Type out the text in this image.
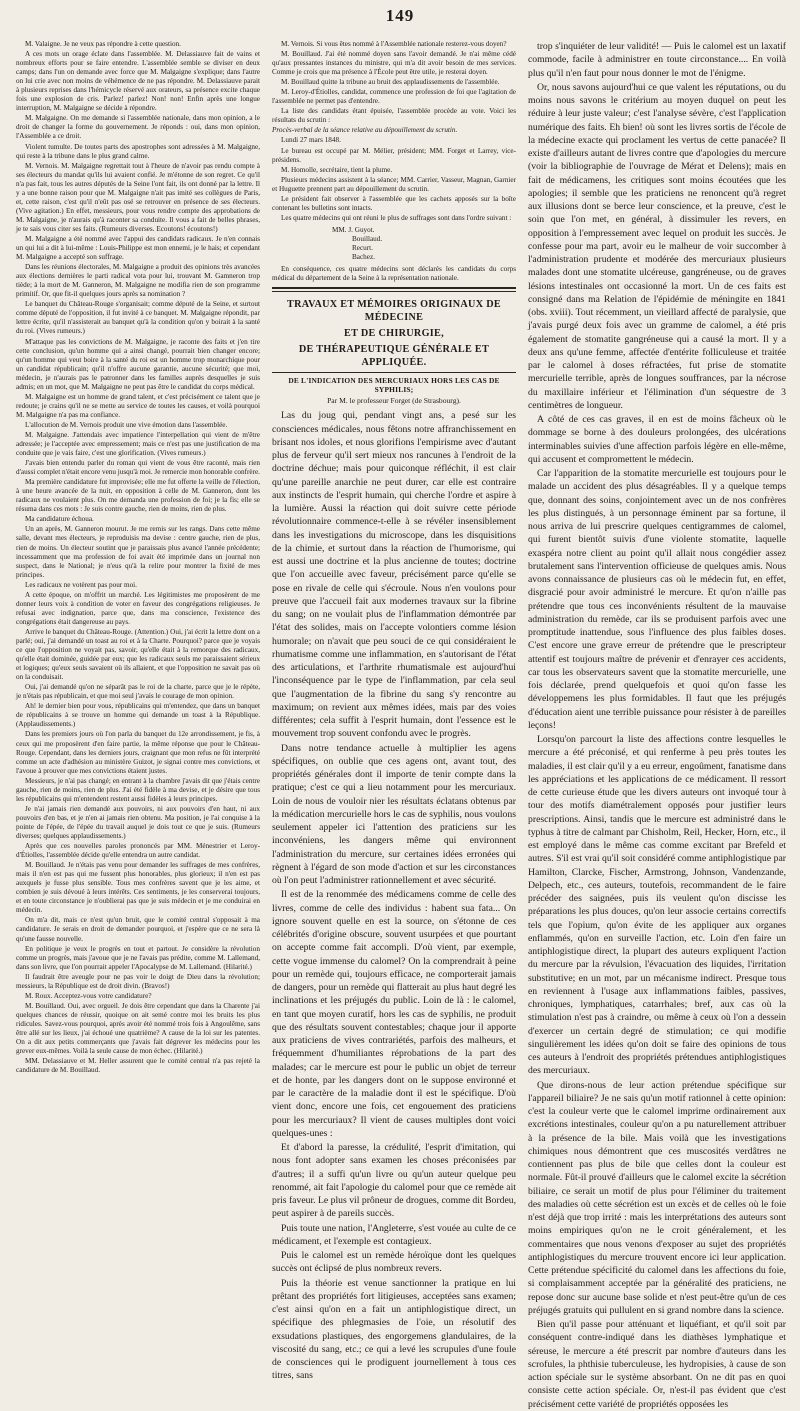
149

M. Valaigne. Je ne veux pas répondre à cette question.

A ces mots un orage éclate dans l'assemblée. M. Delassiauve fait de vains et nombreux efforts pour se faire entendre. L'assemblée semble se diviser en deux camps; dans l'un on demande avec force que M. Malgaigne s'explique; dans l'autre on lui crie avec non moins de véhémence de ne pas répondre. M. Delassiauve parait à plusieurs reprises dans l'hémicycle réservé aux orateurs, sa présence excite chaque fois une explosion de cris. Parlez! parlez! Non! non! Enfin après une longue interruption, M. Malgaigne se décide à répondre.

M. Malgaigne. On me demande si l'assemblée nationale, dans mon opinion, a le droit de changer la forme du gouvernement. Je réponds : oui, dans mon opinion, l'Assemblée a ce droit.

Violent tumulte. De toutes parts des apostrophes sont adressées à M. Malgaigne, qui reste à la tribune dans le plus grand calme.

M. Vernois. M. Malgaigne regrettait tout à l'heure de n'avoir pas rendu compte à ses électeurs du mandat qu'ils lui avaient confié. Je m'étonne de son regret. Ce qu'il n'a pas fait, tous les autres députés de la Seine l'ont fait, ils ont donné par la lettre. Il y a une bonne raison pour que M. Malgaigne n'ait pas imité ses collègues de Paris, et, cette raison, c'est qu'il n'eût pas osé se retrouver en présence de ses électeurs. (Vive agitation.) En effet, messieurs, pour vous rendre compte des approbations de M. Malgaigne, je n'aurais qu'à raconter sa conduite. Il vous a fait de belles phrases, je te sais vous citer ses faits. (Rumeurs diverses. Ecoutons! écoutons!)

M. Malgaigne a été nommé avec l'appui des candidats radicaux. Je n'en connais un qui lui a dit à lui-même : Louis-Philippe est mon ennemi, je le hais; et cependant M. Malgaigne a accepté son suffrage.

Dans les réunions électorales, M. Malgaigne a produit des opinions très avancées aux élections dernières le parti radical vota pour lui, trouvant M. Gamneron trop tiède; à la mort de M. Ganneron, M. Malgaigne ne modifia rien de son programme primitif. Or, que fit-il quelques jours après sa nomination ?

Le banquet du Château-Rouge s'organisait; comme député de la Seine, et surtout comme député de l'opposition, il fut invité à ce banquet. M. Malgaigne répondit, par lettre écrite, qu'il n'assisterait au banquet qu'à la condition qu'on y boirait à la santé du roi. (Vives rumeurs.)

M'attaque pas les convictions de M. Malgaigne, je raconte des faits et j'en tire cette conclusion, qu'un homme qui a ainsi changé, pourrait bien changer encore; qu'un homme qui veut boire à la santé du roi est un homme trop monarchique pour un candidat républicain; qu'il n'offre aucune garantie, aucune sécurité; que moi, médecin, je n'aurais pas le patronner dans les familles auprès desquelles je suis admis; en un mot, que M. Malgaigne ne peut pas être le candidat du corps médical.

M. Malgaigne est un homme de grand talent, et c'est précisément ce talent que je redoute; je crains qu'il ne se mette au service de toutes les causes, et voilà pourquoi M. Malgaigne n'a pas ma confiance.

L'allocution de M. Vernois produit une vive émotion dans l'assemblée.

M. Malgaigne. J'attendais avec impatience l'interpellation qui vient de m'être adressée; je l'acceptée avec empressement; mais ce n'est pas une justification de ma conduite que je vais faire, c'est une glorification. (Vives rumeurs.)

J'avais bien entendu parler du roman qui vient de vous être raconté, mais rien d'aussi complet n'était encore venu jusqu'à moi. Je remercie mon honorable confrère.

Ma première candidature fut improvisée; elle me fut offerte la veille de l'élection, à une heure avancée de la nuit, en opposition à celle de M. Ganneron, dont les radicaux ne voulaient plus. On me demanda une profession de foi; je la fis; elle se résuma dans ces mots : Je suis contre gauche, rien de moins, rien de plus.

Ma candidature échoua.

Un an après, M. Ganneron mourut. Je me remis sur les rangs. Dans cette même salle, devant mes électeurs, je reproduisis ma devise : centre gauche, rien de plus, rien de moins. Un électeur soutint que je paraissais plus avancé l'année précédente; incessamment que ma profession de foi avait été imprimée dans un journal non suspect, dans le National; je n'eus qu'à la relire pour montrer la fixité de mes principes.

Les radicaux ne votèrent pas pour moi.

A cette époque, on m'offrit un marché. Les légitimistes me proposèrent de me donner leurs voix à condition de voter en faveur des congrégations religieuses. Je refusai avec indignation, parce que, dans ma conscience, l'existence des congrégations était dangereuse au pays.

Arrive le banquet du Château-Rouge. (Attention.) Oui, j'ai écrit la lettre dont on a parlé; oui, j'ai demandé un toast au roi et à la Charte. Pourquoi? parce que je voyais ce que l'opposition ne voyait pas, savoir, qu'elle était à la remorque des radicaux, qu'elle était dominée, guidée par eux; que les radicaux seuls me paraissaient sérieux et logiques; qu'eux seuls savaient où ils allaient, et que l'opposition ne savait pas où on la conduisait.

Oui, j'ai demandé qu'on ne séparât pas le roi de la charte, parce que je le répète, je n'étais pas républicain, et que moi seul j'avais le courage de mon opinion.

Ah! le dernier bien pour vous, républicains qui m'entendez, que dans un banquet de républicains à se trouve un homme qui demande un toast à la République. (Applaudissements.)

Dans les premiers jours où l'on parla du banquet du 12e arrondissement, je fis, à ceux qui me proposèrent d'en faire partie, la même réponse que pour le Château-Rouge. Cependant, dans les derniers jours, craignant que mon refus ne fût interprété comme un acte d'adhésion au ministère Guizot, je signai contre mes convictions, et l'avoue à prouver que mes convictions étaient justes.

Messieurs, je n'ai pas changé; en entrant à la chambre j'avais dit que j'étais centre gauche, rien de moins, rien de plus. J'ai été fidèle à ma devise, et je désire que tous les républicains qui m'entendent restent aussi fidèles à leurs principes.

Je n'ai jamais rien demandé aux pouvoirs, ni aux pouvoirs d'en haut, ni aux pouvoirs d'en bas, et je n'en ai jamais rien obtenu. Ma position, je l'ai conquise à la pointe de l'épée, de l'épée du travail auquel je dois tout ce que je suis. (Rumeurs diverses; quelques applaudissements.)

Après que ces nouvelles paroles prononcés par MM. Ménestrier et Leroy-d'Étiolles, l'assemblée décide qu'elle entendra un autre candidat.

M. Bouillaud. Je n'étais pas venu pour demander les suffrages de mes confrères, mais il n'en est pas qui me fussent plus honorables, plus glorieux; il n'en est pas auxquels je fusse plus sensible. Tous mes confrères savent que je les aime, et combien je suis dévoué à leurs intérêts. Ces sentiments, je les conserverai toujours, et en toute circonstance je n'oublierai pas que je suis médecin et je me conduirai en médecin.

On m'a dit, mais ce n'est qu'un bruit, que le comité central s'opposait à ma candidature. Je serais en droit de demander pourquoi, et j'espère que ce ne sera là qu'une fausse nouvelle.

En politique je veux le progrès en tout et partout. Je considère la révolution comme un progrès, mais j'avoue que je ne l'avais pas prédite, comme M. Lallemand, dans son livre, que l'on pourrait appeler l'Apocalypse de M. Lallemand. (Hilarité.)

Il faudrait être aveugle pour ne pas voir le doigt de Dieu dans la révolution; messieurs, la République est de droit divin. (Bravos!)

M. Roux. Acceptez-vous votre candidature?

M. Bouillaud. Oui, avec orgueil. Je dois être cependant que dans la Charente j'ai quelques chances de réussir, quoique on ait semé contre moi les bruits les plus ridicules. Savez-vous pourquoi, après avoir été nommé trois fois à Angoulême, sans être allé sur les lieux, j'ai échoué une quatrième? A cause de la loi sur les patentes. On a dit aux petits commerçants que j'avais fait dégrever les médecins pour les grever eux-mêmes. Voilà la seule cause de mon échec. (Hilarité.)

MM. Delassiauve et M. Heller assurent que le comité central n'a pas rejeté la candidature de M. Bouillaud.

M. Vernois. Si vous êtes nommé à l'Assemblée nationale resterez-vous doyen?

M. Bouillaud. J'ai été nommé doyen sans l'avoir demandé. Je n'ai même cédé qu'aux pressantes instances du ministre, qui m'a dit avoir besoin de mes services. Comme je crois que ma présence à l'École peut être utile, je resterai doyen.

M. Bouillaud quitte la tribune au bruit des applaudissements de l'assemblée.

M. Leroy-d'Étiolles, candidat, commence une profession de foi que l'agitation de l'assemblée ne permet pas d'entendre.

La liste des candidats étant épuisée, l'assemblée procède au vote. Voici les résultats du scrutin :

Procès-verbal de la séance relative au dépouillement du scrutin.

Lundi 27 mars 1848.

Le bureau est occupé par M. Mélier, président; MM. Forget et Larrey, vice-présidens.

M. Homolle, secrétaire, tient la plume.

Plusieurs médecins assistent à la séance; MM. Carrier, Vasseur, Magnan, Garnier et Huguette prennent part au dépouillement du scrutin.

Le président fait observer à l'assemblée que les cachets apposés sur la boîte contenant les bulletins sont intacts.

Les quatre médecins qui ont réuni le plus de suffrages sont dans l'ordre suivant :

MM. J. Guyot.
Bouillaud.
Recurt.
Bachez.

En conséquence, ces quatre médecins sont déclarés les candidats du corps médical du département de la Seine à la représentation nationale.

TRAVAUX ET MÉMOIRES ORIGINAUX DE MÉDECINE
ET DE CHIRURGIE,
DE THÉRAPEUTIQUE GÉNÉRALE ET APPLIQUÉE.
DE L'INDICATION DES MERCURIAUX HORS LES CAS DE SYPHILIS;
Par M. le professeur Forget (de Strasbourg).

Las du joug qui, pendant vingt ans, a pesé sur les consciences médicales, nous fêtons notre affranchissement en brisant nos idoles, et nous glorifions l'empirisme avec d'autant plus de ferveur qu'il sert mieux nos rancunes à l'endroit de la doctrine déchue; mais pour quiconque réfléchit, il est clair qu'une pareille anarchie ne peut durer, car elle est contraire aux instincts de l'esprit humain, qui cherche l'ordre et aspire à la lumière. Aussi la réaction qui doit suivre cette période révolutionnaire commence-t-elle à se révéler insensiblement dans les investigations du microscope, dans les disquisitions de la chimie, et surtout dans la réaction de l'humorisme, qui est aussi une doctrine et la plus ancienne de toutes; doctrine que l'on accueille avec faveur, précisément parce qu'elle se pose en rivale de celle qui s'écroule. Nous n'en voulons pour preuve que l'accueil fait aux modernes travaux sur la fibrine du sang; on ne voulait plus de l'inflammation démontrée par l'état des solides, mais on l'accepte volontiers comme lésion humorale; on n'avait que peu souci de ce qui considéraient le rhumatisme comme une inflammation, en s'autorisant de l'état des articulations, et l'arthrite rhumatismale est aujourd'hui l'inconséquence par le type de l'inflammation, par cela seul que l'augmentation de la fibrine du sang s'y rencontre au maximum; on revient aux mêmes idées, mais par des voies différentes; cela suffit à l'esprit humain, dont l'essence est le mouvement trop souvent confondu avec le progrès.

Dans notre tendance actuelle à multiplier les agens spécifiques, on oublie que ces agens ont, avant tout, des propriétés générales dont il importe de tenir compte dans la pratique; c'est ce qui a lieu notamment pour les mercuriaux. Loin de nous de vouloir nier les résultats éclatans obtenus par la médication mercurielle hors le cas de syphilis, nous voulons seulement appeler ici l'attention des praticiens sur les inconvéniens, les dangers même qui environnent l'administration du mercure, sur certaines idées erronées qui règnent à l'égard de son mode d'action et sur les circonstances où l'on peut l'administrer rationnellement et avec sécurité.

Il est de la renommée des médicamens comme de celle des livres, comme de celle des individus : habent sua fata... On ignore souvent quelle en est la source, on s'étonne de ces célébrités d'origine obscure, souvent usurpées et que pourtant on accepte comme fait accompli. D'où vient, par exemple, cette vogue immense du calomel? On la comprendrait à peine pour un remède qui, toujours efficace, ne comporterait jamais de dangers, pour un remède qui flatterait au plus haut degré les inclinations et les préjugés du public. Loin de là : le calomel, en tant que moyen curatif, hors les cas de syphilis, ne produit que des résultats souvent contestables; chaque jour il apporte aux praticiens de vives contrariétés, parfois des malheurs, et fréquemment d'humiliantes réprobations de la part des malades; car le mercure est pour le public un objet de terreur et de honte, par les dangers dont on le suppose environné et par le caractère de la maladie dont il est le spécifique. D'où vient donc, encore une fois, cet engouement des praticiens pour les mercuriaux? Il vient de causes multiples dont voici quelques-unes :

Et d'abord la paresse, la crédulité, l'esprit d'imitation, qui nous font adopter sans examen les choses préconisées par d'autres; il a suffi qu'un livre ou qu'un auteur quelque peu renommé, ait fait l'apologie du calomel pour que ce remède ait pris faveur. Le plus vil prôneur de drogues, comme dit Bordeu, peut aspirer à de pareils succès.

Puis toute une nation, l'Angleterre, s'est vouée au culte de ce médicament, et l'exemple est contagieux.

Puis le calomel est un remède héroïque dont les quelques succès ont éclipsé de plus nombreux revers.

Puis la théorie est venue sanctionner la pratique en lui prêtant des propriétés fort litigieuses, acceptées sans examen; c'est ainsi qu'on en a fait un antiphlogistique direct, un spécifique des phlegmasies de l'oie, un résolutif des exsudations plastiques, des engorgemens glandulaires, de la viscosité du sang, etc.; ce qui a levé les scrupules d'une foule de consciences qui le prodiguent journellement à tous ces titres, sans

trop s'inquiéter de leur validité! — Puis le calomel est un laxatif commode, facile à administrer en toute circonstance.... En voilà plus qu'il n'en faut pour nous donner le mot de l'énigme.

Or, nous savons aujourd'hui ce que valent les réputations, ou du moins nous savons le critérium au moyen duquel on peut les réduire à leur juste valeur; c'est l'analyse sévère, c'est l'application numérique des faits. Eh bien! où sont les livres sortis de l'école de la médecine exacte qui proclament les vertus de cette panacée? Il existe d'ailleurs autant de livres contre que d'apologies du mercure (voir la bibliographie de l'ouvrage de Mérat et Delens); mais en fait de médicamens, les critiques sont moins écoutées que les apologies; il semble que les praticiens ne renoncent qu'à regret aux illusions dont se berce leur conscience, et la preuve, c'est le soin que l'on met, en général, à dissimuler les revers, en opposition à l'empressement avec lequel on produit les succès. Je confesse pour ma part, avoir eu le malheur de voir succomber à l'administration prudente et modérée des mercuriaux plusieurs malades dont une stomatite ulcéreuse, gangréneuse, ou de graves lésions intestinales ont occasionné la mort. Un de ces faits est consigné dans ma Relation de l'épidémie de méningite en 1841 (obs. xviii). Tout récemment, un vieillard affecté de paralysie, que j'avais purgé deux fois avec un gramme de calomel, a été pris également de stomatite gangréneuse qui a causé la mort. Il y a deux ans qu'une femme, affectée d'entérite folliculeuse et traitée par le calomel à doses réfractées, fut prise de stomatite mercurielle terrible, après de longues souffrances, par la nécrose du maxillaire inférieur et l'élimination d'un séquestre de 3 centimètres de longueur.

A côté de ces cas graves, il en est de moins fâcheux où le dommage se borne à des douleurs prolongées, des ulcérations interminables suivies d'une affection parfois légère en elle-même, qui accusent et compromettent le médecin.

Car l'apparition de la stomatite mercurielle est toujours pour le malade un accident des plus désagréables. Il y a quelque temps que, donnant des soins, conjointement avec un de nos confrères les plus distingués, à un personnage éminent par sa fortune, il nous arriva de lui prescrire quelques centigrammes de calomel, qui furent bientôt suivis d'une violente stomatite, laquelle exaspéra notre client au point qu'il allait nous congédier assez brutalement sans l'intervention officieuse de quelques amis. Nous avons connaissance de plusieurs cas où le médecin fut, en effet, disgracié pour avoir administré le mercure. Et qu'on n'aille pas prétendre que tous ces inconvénients résultent de la mauvaise administration du remède, car ils se produisent parfois avec une promptitude inattendue, sous l'influence des plus faibles doses. C'est encore une grave erreur de prétendre que le prescripteur attentif est toujours maître de prévenir et d'enrayer ces accidents, car tous les observateurs savent que la stomatite mercurielle, une fois déclarée, prend quelquefois et quoi qu'on fasse les développemens les plus formidables. Il faut que les préjugés d'éducation aient une terrible puissance pour résister à de pareilles leçons!

Lorsqu'on parcourt la liste des affections contre lesquelles le mercure a été préconisé, et qui renferme à peu près toutes les maladies, il est clair qu'il y a eu erreur, engoûment, fanatisme dans les appréciations et les applications de ce médicament. Il ressort de cette curieuse étude que les divers auteurs ont invoqué tour à tour des motifs diamétralement opposés pour justifier leurs prescriptions. Ainsi, tandis que le mercure est administré dans le typhus à titre de calmant par Chisholm, Reil, Hecker, Horn, etc., il est employé dans le même cas comme excitant par Brefeld et autres. S'il est vrai qu'il soit considéré comme antiphlogistique par Hamilton, Clarcke, Fischer, Armstrong, Johnson, Vandenzande, Delpech, etc., ces auteurs, toutefois, recommandent de le faire précéder des saignées, puis ils veulent qu'on discisse les préparations les plus douces, qu'on leur associe certains correctifs tels que l'opium, qu'on évite de les appliquer aux organes enflammés, qu'on en surveille l'action, etc. Loin d'en faire un antiphlogistique direct, la plupart des auteurs expliquent l'action du mercure par la révulsion, l'évacuation des liquides, l'irritation substitutive; en un mot, par un mécanisme indirect. Presque tous en reviennent à l'usage aux inflammations faibles, passives, chroniques, lymphatiques, catarrhales; bref, aux cas où la stimulation n'est pas à craindre, ou même à ceux où l'on a dessein d'exercer un certain degré de stimulation; ce qui modifie singulièrement les idées qu'on doit se faire des opinions de tous ces auteurs à l'endroit des propriétés prétendues antiphlogistiques des mercuriaux.

Que dirons-nous de leur action prétendue spécifique sur l'appareil biliaire? Je ne sais qu'un motif rationnel à cette opinion: c'est la couleur verte que le calomel imprime ordinairement aux excrétions intestinales, couleur qu'on a pu naturellement attribuer à la présence de la bile. Mais voilà que les investigations chimiques nous démontrent que ces muscosités verdâtres ne contiennent pas plus de bile que celles dont la couleur est normale. Fût-il prouvé d'ailleurs que le calomel excite la sécrétion biliaire, ce serait un motif de plus pour l'éliminer du traitement des maladies où cette sécrétion est un excès et de celles où le foie n'est déjà que trop irrité : mais les interprétations des auteurs sont moins empiriques qu'on ne le croit généralement, et les commentaires que nous venons d'exposer au sujet des propriétés antiphlogistiques du mercure trouvent encore ici leur application. Cette prétendue spécificité du calomel dans les affections du foie, si complaisamment acceptée par la généralité des praticiens, ne repose donc sur aucune base solide et n'est peut-être qu'un de ces préjugés gratuits qui pullulent en si grand nombre dans la science.

Bien qu'il passe pour atténuant et liquéfiant, et qu'il soit par conséquent contre-indiqué dans les diathèses lymphatique et séreuse, le mercure a été prescrit par nombre d'auteurs dans les scrofules, la phthisie tuberculeuse, les hydropisies, à cause de son action spéciale sur le système absorbant. On ne dit pas en quoi consiste cette action spéciale. Or, n'est-il pas évident que c'est précisément cette variété de propriétés opposées les
